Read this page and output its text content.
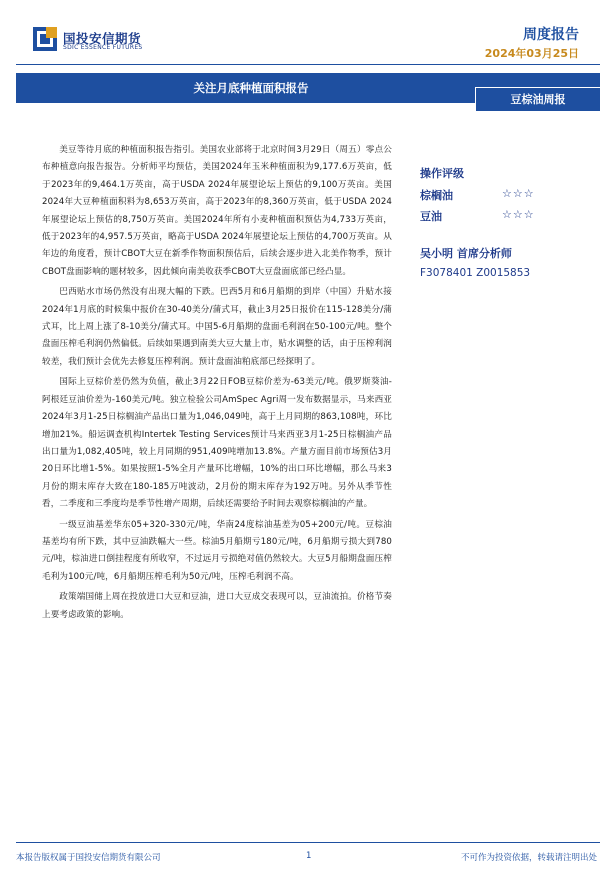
国投安信期货
SDIC ESSENCE FUTURES
周度报告
2024年03月25日
关注月底种植面积报告
豆棕油周报

美豆等待月底的种植面积报告指引。美国农业部将于北京时间3月29日（周五）零点公布种植意向报告报告。分析师平均预估，美国2024年玉米种植面积为9,177.6万英亩，低于2023年的9,464.1万英亩，高于USDA 2024年展望论坛上预估的9,100万英亩。美国2024年大豆种植面积料为8,653万英亩，高于2023年的8,360万英亩，低于USDA 2024年展望论坛上预估的8,750万英亩。美国2024年所有小麦种植面积预估为4,733万英亩，低于2023年的4,957.5万英亩，略高于USDA 2024年展望论坛上预估的4,700万英亩。从年边的角度看，预计CBOT大豆在新季作物面积预估后，后续会逐步进入北美作物季，预计CBOT盘面影响的题材较多，因此倾向南美收获季CBOT大豆盘面底部已经凸显。

巴西贴水市场仍然没有出现大幅的下跌。巴西5月和6月船期的到岸（中国）升贴水接2024年1月底的时候集中报价在30-40美分/蒲式耳，截止3月25日报价在115-128美分/蒲式耳，比上周上涨了8-10美分/蒲式耳。中国5-6月船期的盘面毛利润在50-100元/吨。整个盘面压榨毛利润仍然偏低。后续如果遇到南美大豆大量上市，贴水调整的话，由于压榨利润较差，我们预计会优先去修复压榨利润。预计盘面油粕底部已经探明了。

国际上豆棕价差仍然为负值，截止3月22日FOB豆棕价差为-63美元/吨。俄罗斯葵油-阿根廷豆油价差为-160美元/吨。独立检验公司AmSpec Agri周一发布数据显示，马来西亚2024年3月1-25日棕榈油产品出口量为1,046,049吨，高于上月同期的863,108吨，环比增加21%。船运调查机构Intertek Testing Services预计马来西亚3月1-25日棕榈油产品出口量为1,082,405吨，较上月同期的951,409吨增加13.8%。产量方面目前市场预估3月20日环比增1-5%。如果按照1-5%全月产量环比增幅，10%的出口环比增幅，那么马来3月份的期末库存大致在180-185万吨波动，2月份的期末库存为192万吨。另外从季节性看，二季度和三季度均是季节性增产周期，后续还需要给予时间去观察棕榈油的产量。

一级豆油基差华东05+320-330元/吨，华南24度棕油基差为05+200元/吨。豆棕油基差均有所下跌，其中豆油跌幅大一些。棕油5月船期亏180元/吨，6月船期亏损大到780元/吨，棕油进口倒挂程度有所收窄，不过远月亏损绝对值仍然较大。大豆5月船期盘面压榨毛利为100元/吨，6月船期压榨毛利为50元/吨，压榨毛利润不高。

政策端国储上周在投放进口大豆和豆油，进口大豆成交表现可以，豆油流拍。价格节奏上要考虑政策的影响。

操作评级
棕榈油	☆☆☆
豆油	☆☆☆
吴小明 首席分析师
F3078401 Z0015853
本报告版权属于国投安信期货有限公司	1	不可作为投资依据，转载请注明出处
